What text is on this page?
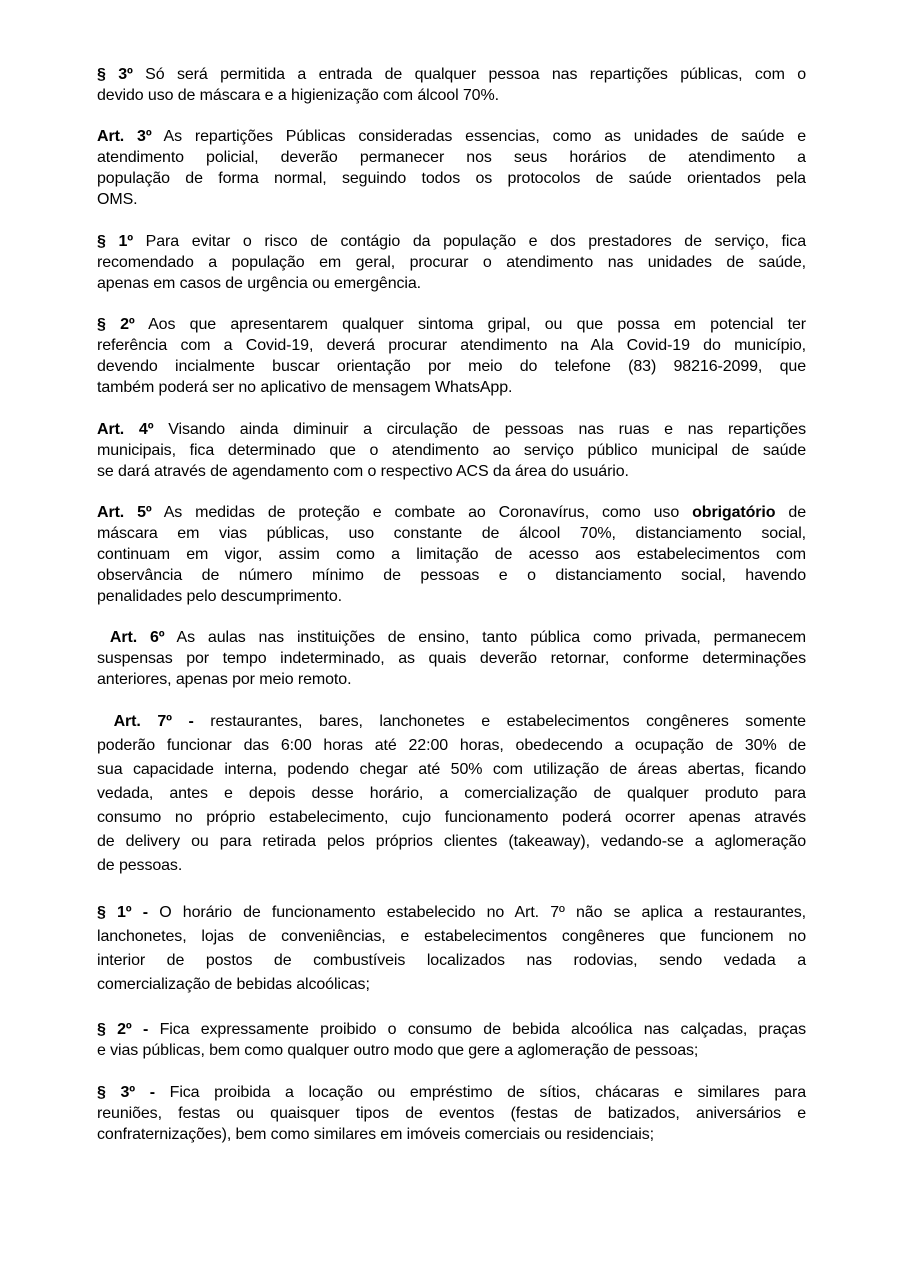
§ 3º Só será permitida a entrada de qualquer pessoa nas repartições públicas, com o
devido uso de máscara e a higienização com álcool 70%.
Art. 3º As repartições Públicas consideradas essencias, como as unidades de saúde e
atendimento policial, deverão permanecer nos seus horários de atendimento a
população de forma normal, seguindo todos os protocolos de saúde orientados pela
OMS.
§ 1º Para evitar o risco de contágio da população e dos prestadores de serviço, fica
recomendado a população em geral, procurar o atendimento nas unidades de saúde,
apenas em casos de urgência ou emergência.
§ 2º Aos que apresentarem qualquer sintoma gripal, ou que possa em potencial ter
referência com a Covid-19, deverá procurar atendimento na Ala Covid-19 do município,
devendo incialmente buscar orientação por meio do telefone (83) 98216-2099, que
também poderá ser no aplicativo de mensagem WhatsApp.
Art. 4º Visando ainda diminuir a circulação de pessoas nas ruas e nas repartições
municipais, fica determinado que o atendimento ao serviço público municipal de saúde
se dará através de agendamento com o respectivo ACS da área do usuário.
Art. 5º As medidas de proteção e combate ao Coronavírus, como uso obrigatório de
máscara em vias públicas, uso constante de álcool 70%, distanciamento social,
continuam em vigor, assim como a limitação de acesso aos estabelecimentos com
observância de número mínimo de pessoas e o distanciamento social, havendo
penalidades pelo descumprimento.
Art. 6º As aulas nas instituições de ensino, tanto pública como privada, permanecem
suspensas por tempo indeterminado, as quais deverão retornar, conforme determinações
anteriores, apenas por meio remoto.
Art. 7º - restaurantes, bares, lanchonetes e estabelecimentos congêneres somente
poderão funcionar das 6:00 horas até 22:00 horas, obedecendo a ocupação de 30% de
sua capacidade interna, podendo chegar até 50% com utilização de áreas abertas, ficando
vedada, antes e depois desse horário, a comercialização de qualquer produto para
consumo no próprio estabelecimento, cujo funcionamento poderá ocorrer apenas através
de delivery ou para retirada pelos próprios clientes (takeaway), vedando-se a aglomeração
de pessoas.
§ 1º - O horário de funcionamento estabelecido no Art. 7º não se aplica a restaurantes,
lanchonetes, lojas de conveniências, e estabelecimentos congêneres que funcionem no
interior de postos de combustíveis localizados nas rodovias, sendo vedada a
comercialização de bebidas alcoólicas;
§ 2º - Fica expressamente proibido o consumo de bebida alcoólica nas calçadas, praças
e vias públicas, bem como qualquer outro modo que gere a aglomeração de pessoas;
§ 3º - Fica proibida a locação ou empréstimo de sítios, chácaras e similares para
reuniões, festas ou quaisquer tipos de eventos (festas de batizados, aniversários e
confraternizações), bem como similares em imóveis comerciais ou residenciais;
